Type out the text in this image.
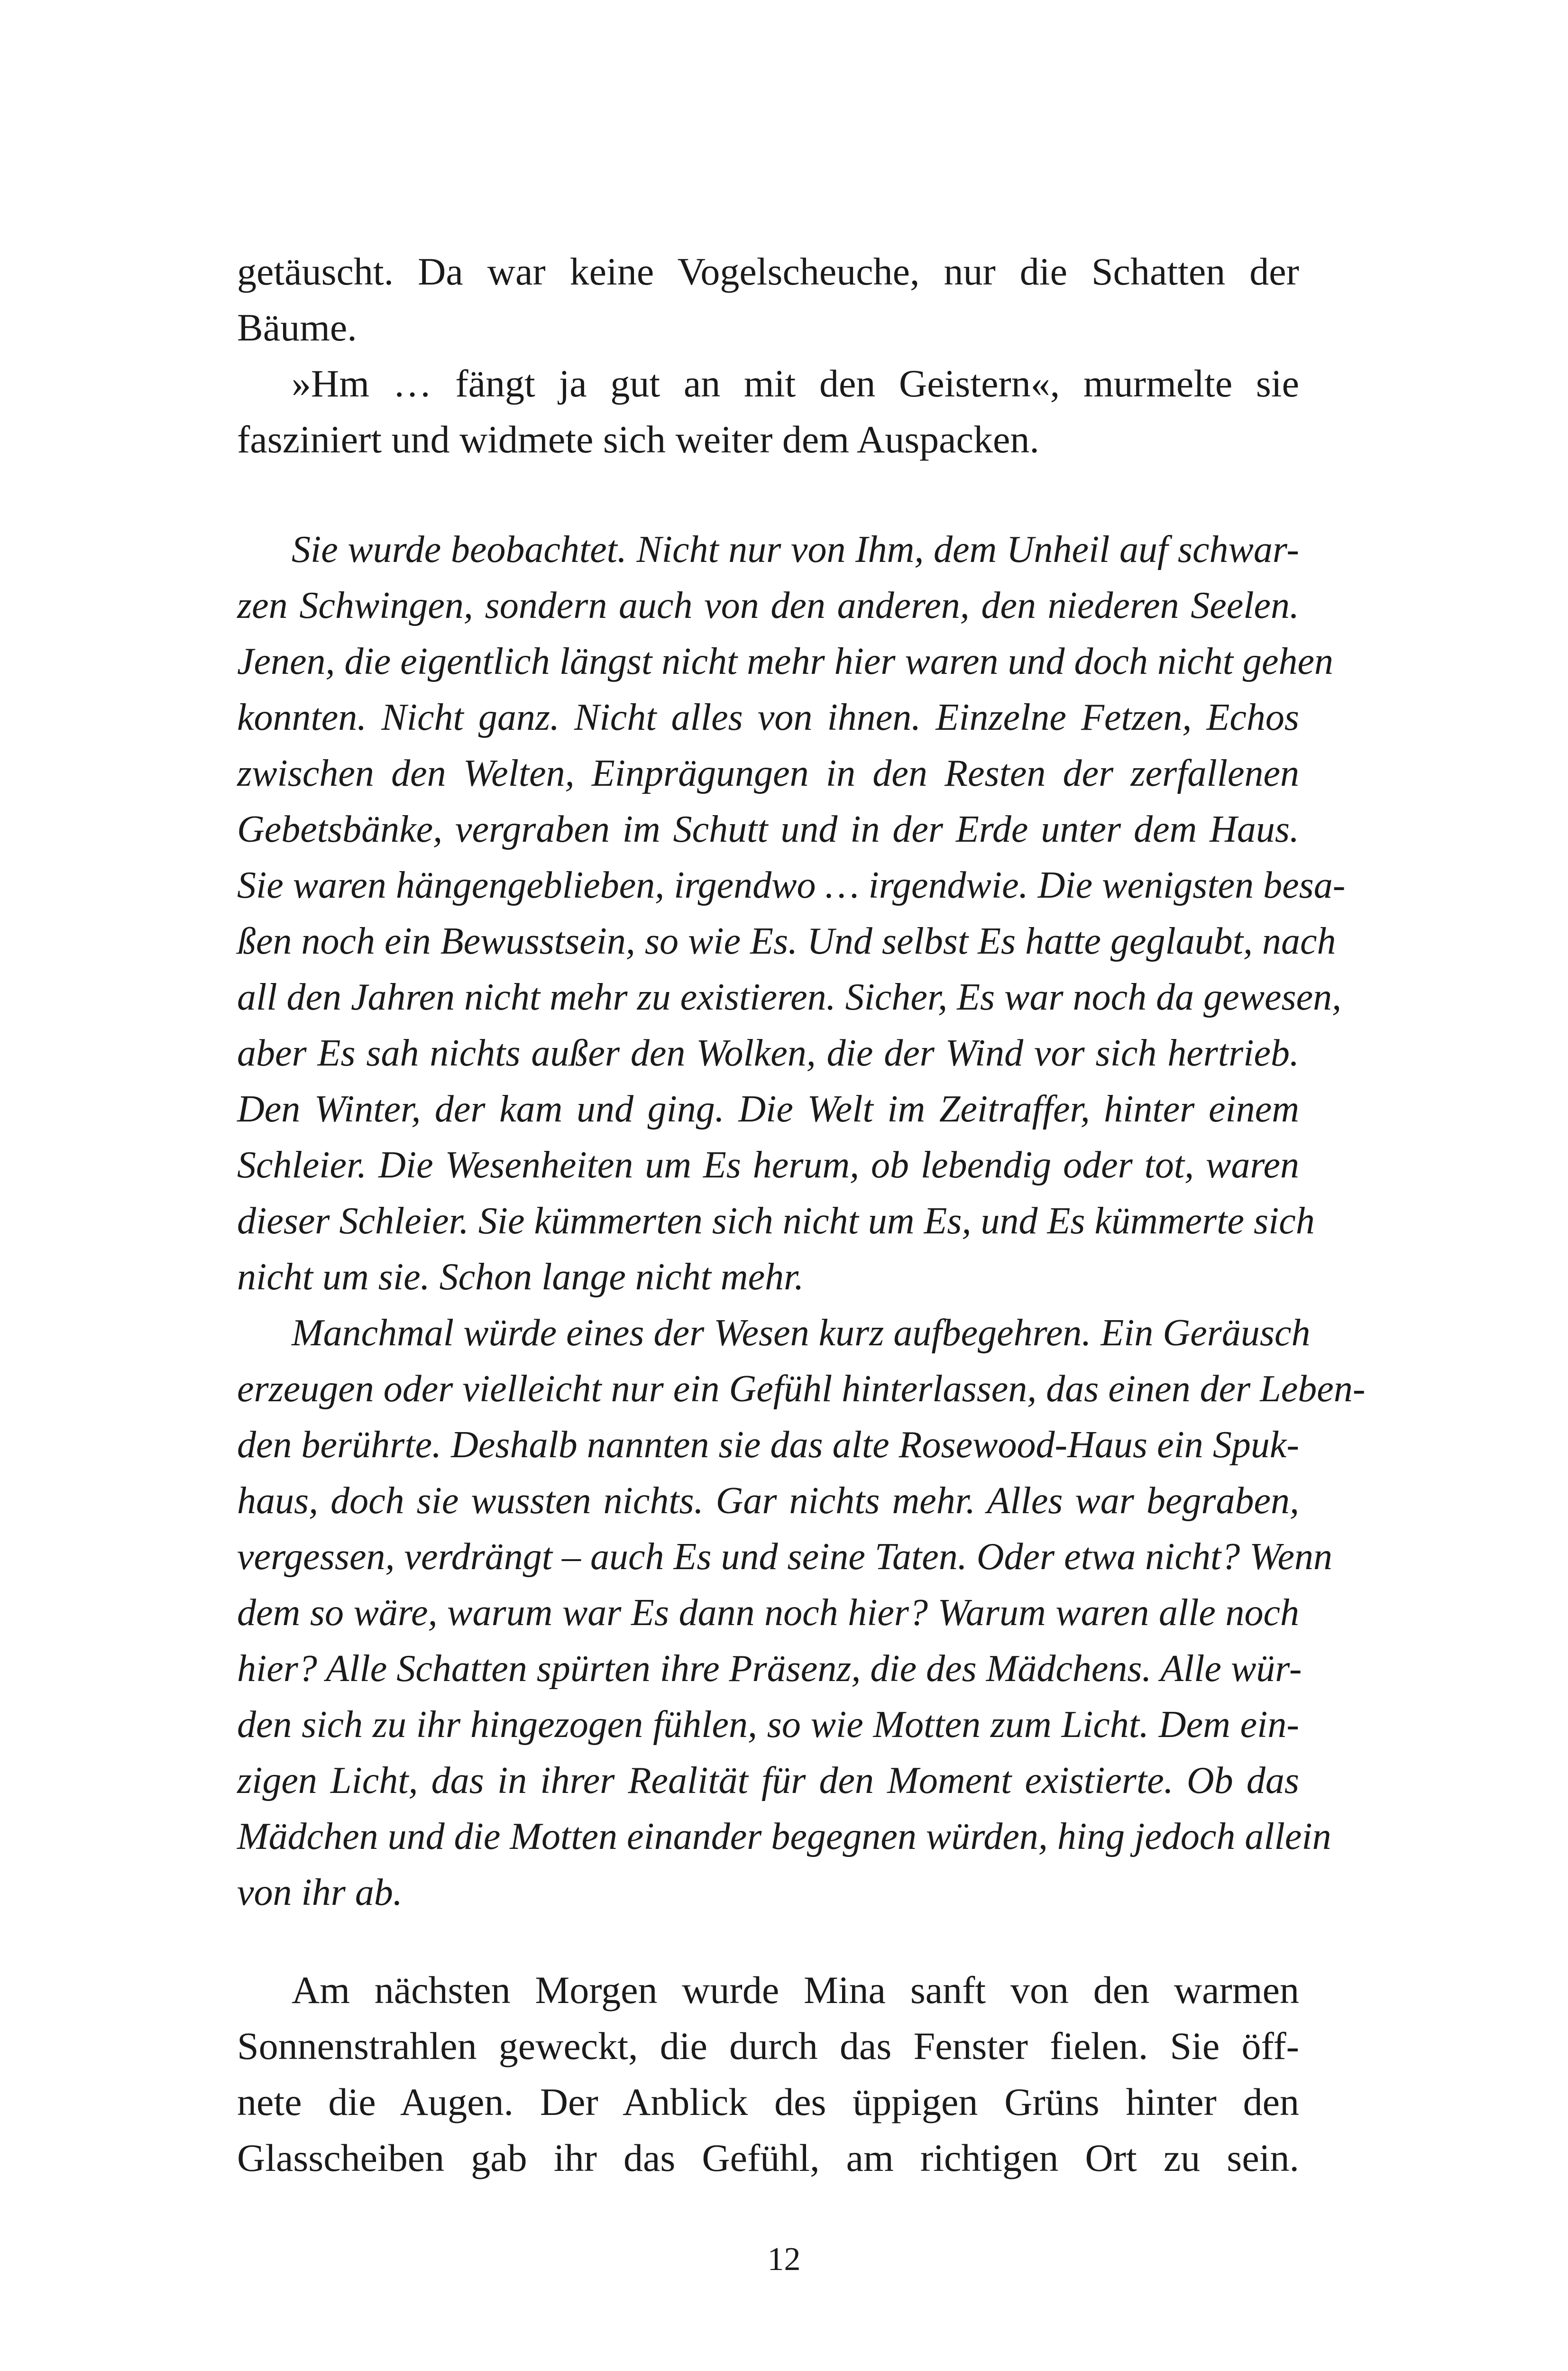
getäuscht. Da war keine Vogelscheuche, nur die Schatten der
Bäume.
»Hm … fängt ja gut an mit den Geistern«, murmelte sie
fasziniert und widmete sich weiter dem Auspacken.
Sie wurde beobachtet. Nicht nur von Ihm, dem Unheil auf schwar-
zen Schwingen, sondern auch von den anderen, den niederen Seelen.
Jenen, die eigentlich längst nicht mehr hier waren und doch nicht gehen
konnten. Nicht ganz. Nicht alles von ihnen. Einzelne Fetzen, Echos
zwischen den Welten, Einprägungen in den Resten der zerfallenen
Gebetsbänke, vergraben im Schutt und in der Erde unter dem Haus.
Sie waren hängengeblieben, irgendwo … irgendwie. Die wenigsten besa-
ßen noch ein Bewusstsein, so wie Es. Und selbst Es hatte geglaubt, nach
all den Jahren nicht mehr zu existieren. Sicher, Es war noch da gewesen,
aber Es sah nichts außer den Wolken, die der Wind vor sich hertrieb.
Den Winter, der kam und ging. Die Welt im Zeitraffer, hinter einem
Schleier. Die Wesenheiten um Es herum, ob lebendig oder tot, waren
dieser Schleier. Sie kümmerten sich nicht um Es, und Es kümmerte sich
nicht um sie. Schon lange nicht mehr.
Manchmal würde eines der Wesen kurz aufbegehren. Ein Geräusch
erzeugen oder vielleicht nur ein Gefühl hinterlassen, das einen der Leben-
den berührte. Deshalb nannten sie das alte Rosewood-Haus ein Spuk-
haus, doch sie wussten nichts. Gar nichts mehr. Alles war begraben,
vergessen, verdrängt – auch Es und seine Taten. Oder etwa nicht? Wenn
dem so wäre, warum war Es dann noch hier? Warum waren alle noch
hier? Alle Schatten spürten ihre Präsenz, die des Mädchens. Alle wür-
den sich zu ihr hingezogen fühlen, so wie Motten zum Licht. Dem ein-
zigen Licht, das in ihrer Realität für den Moment existierte. Ob das
Mädchen und die Motten einander begegnen würden, hing jedoch allein
von ihr ab.
Am nächsten Morgen wurde Mina sanft von den warmen
Sonnenstrahlen geweckt, die durch das Fenster fielen. Sie öff-
nete die Augen. Der Anblick des üppigen Grüns hinter den
Glasscheiben gab ihr das Gefühl, am richtigen Ort zu sein.
12
